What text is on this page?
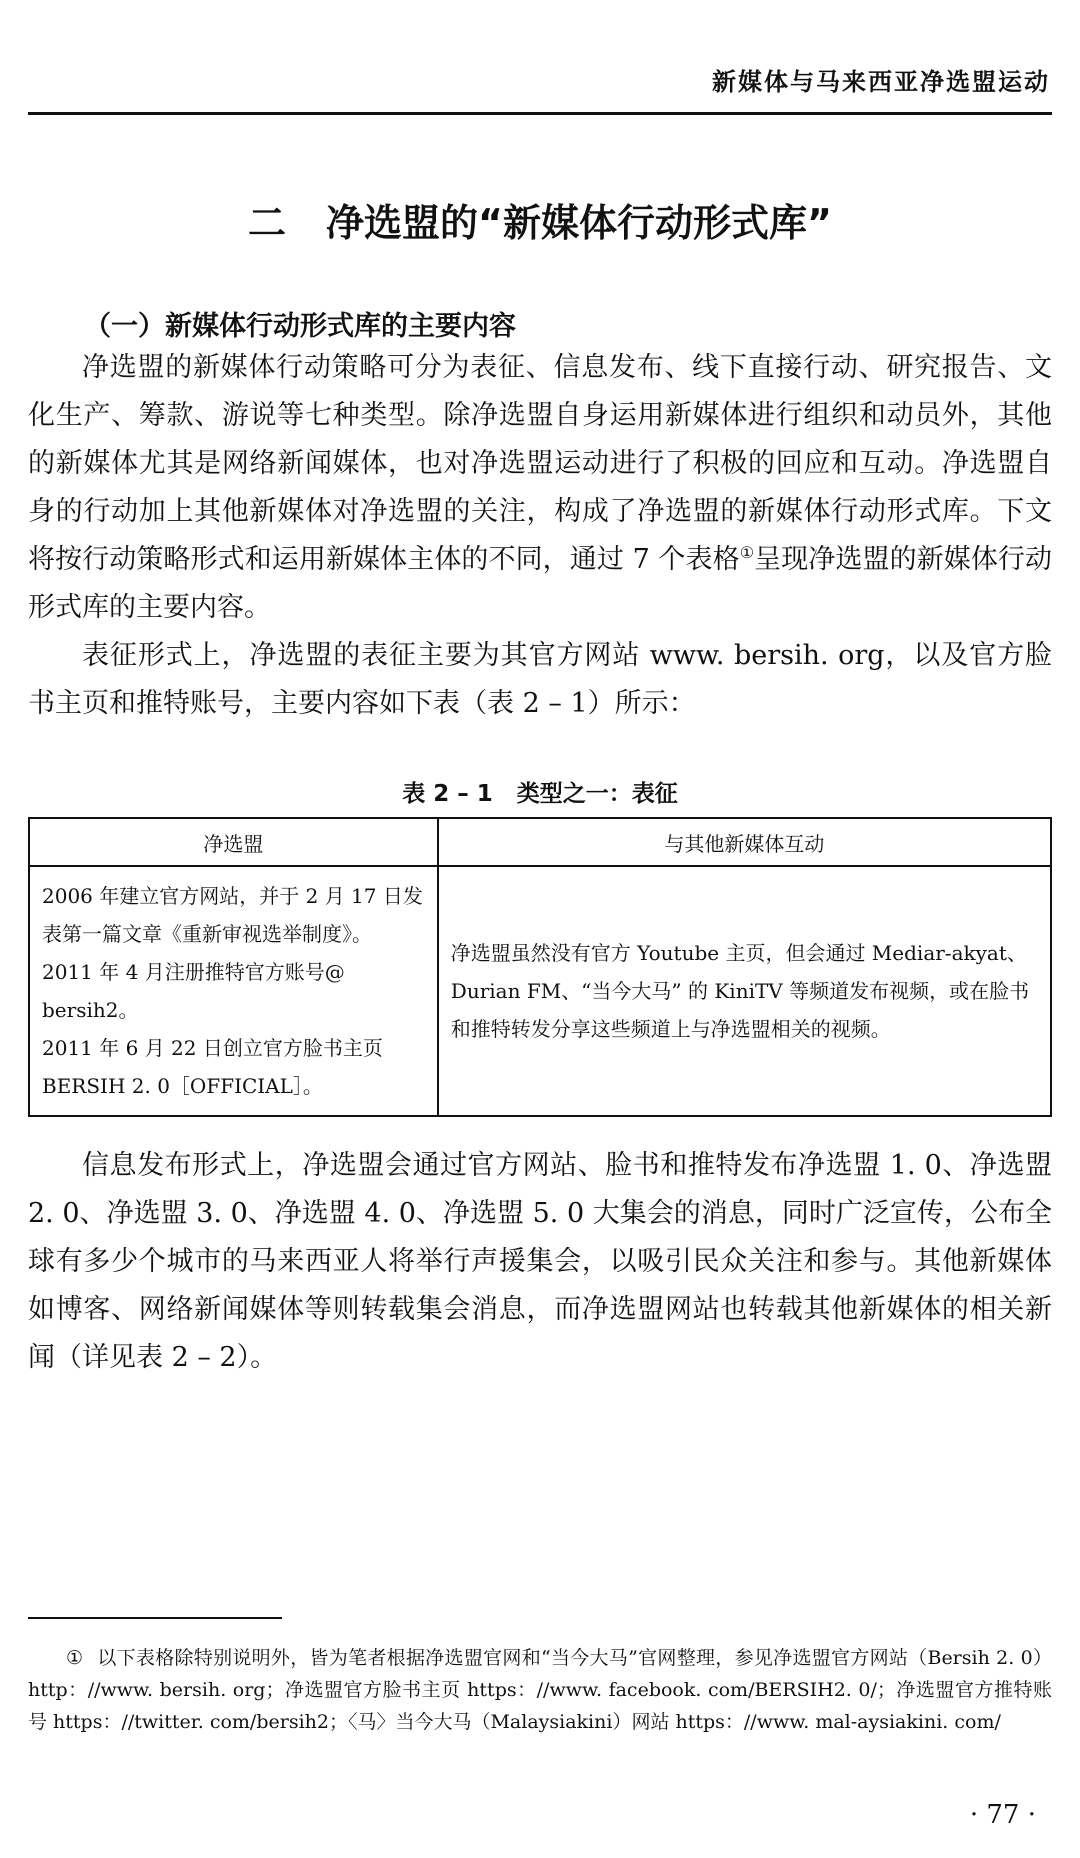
新媒体与马来西亚净选盟运动
二 净选盟的“新媒体行动形式库”
（一）新媒体行动形式库的主要内容

净选盟的新媒体行动策略可分为表征、信息发布、线下直接行动、研究报告、文化生产、筹款、游说等七种类型。除净选盟自身运用新媒体进行组织和动员外，其他的新媒体尤其是网络新闻媒体，也对净选盟运动进行了积极的回应和互动。净选盟自身的行动加上其他新媒体对净选盟的关注，构成了净选盟的新媒体行动形式库。下文将按行动策略形式和运用新媒体主体的不同，通过 7 个表格①呈现净选盟的新媒体行动形式库的主要内容。

表征形式上，净选盟的表征主要为其官方网站 www. bersih. org，以及官方脸书主页和推特账号，主要内容如下表（表 2 – 1）所示：

表 2 – 1 类型之一：表征
净选盟	与其他新媒体互动

2006 年建立官方网站，并于 2 月 17 日发表第一篇文章《重新审视选举制度》。
2011 年 4 月注册推特官方账号@ bersih2。
2011 年 6 月 22 日创立官方脸书主页 BERSIH 2. 0［OFFICIAL］。	净选盟虽然没有官方 Youtube 主页，但会通过 Mediar-akyat、Durian FM、“当今大马” 的 KiniTV 等频道发布视频，或在脸书和推特转发分享这些频道上与净选盟相关的视频。

信息发布形式上，净选盟会通过官方网站、脸书和推特发布净选盟 1. 0、净选盟 2. 0、净选盟 3. 0、净选盟 4. 0、净选盟 5. 0 大集会的消息，同时广泛宣传，公布全球有多少个城市的马来西亚人将举行声援集会，以吸引民众关注和参与。其他新媒体如博客、网络新闻媒体等则转载集会消息，而净选盟网站也转载其他新媒体的相关新闻（详见表 2 – 2）。

① 以下表格除特别说明外，皆为笔者根据净选盟官网和“当今大马”官网整理，参见净选盟官方网站（Bersih 2. 0）http：//www. bersih. org；净选盟官方脸书主页 https：//www. facebook. com/BERSIH2. 0/；净选盟官方推特账号 https：//twitter. com/bersih2；〈马〉当今大马（Malaysiakini）网站 https：//www. mal-aysiakini. com/

· 77 ·
